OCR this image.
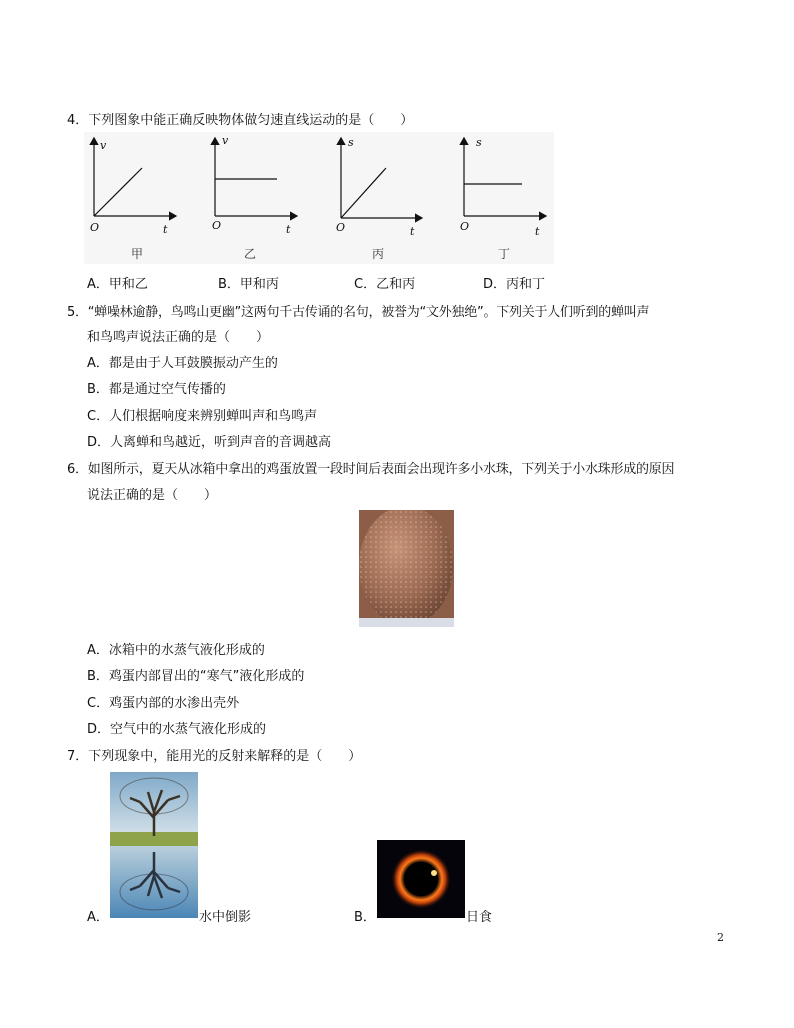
4．下列图象中能正确反映物体做匀速直线运动的是（　　）
v
O	t
甲
v
O	t
乙
s
O	t
丙
s
O	t
丁
A．甲和乙	B．甲和丙	C．乙和丙	D．丙和丁
5．“蝉噪林逾静，鸟鸣山更幽”这两句千古传诵的名句，被誉为“文外独绝”。下列关于人们听到的蝉叫声
和鸟鸣声说法正确的是（　　）
A．都是由于人耳鼓膜振动产生的
B．都是通过空气传播的
C．人们根据响度来辨别蝉叫声和鸟鸣声
D．人离蝉和鸟越近，听到声音的音调越高
6．如图所示，夏天从冰箱中拿出的鸡蛋放置一段时间后表面会出现许多小水珠，下列关于小水珠形成的原因
说法正确的是（　　）
A．冰箱中的水蒸气液化形成的
B．鸡蛋内部冒出的“寒气”液化形成的
C．鸡蛋内部的水渗出壳外
D．空气中的水蒸气液化形成的
7．下列现象中，能用光的反射来解释的是（　　）
A．	水中倒影	B．	日食
2
